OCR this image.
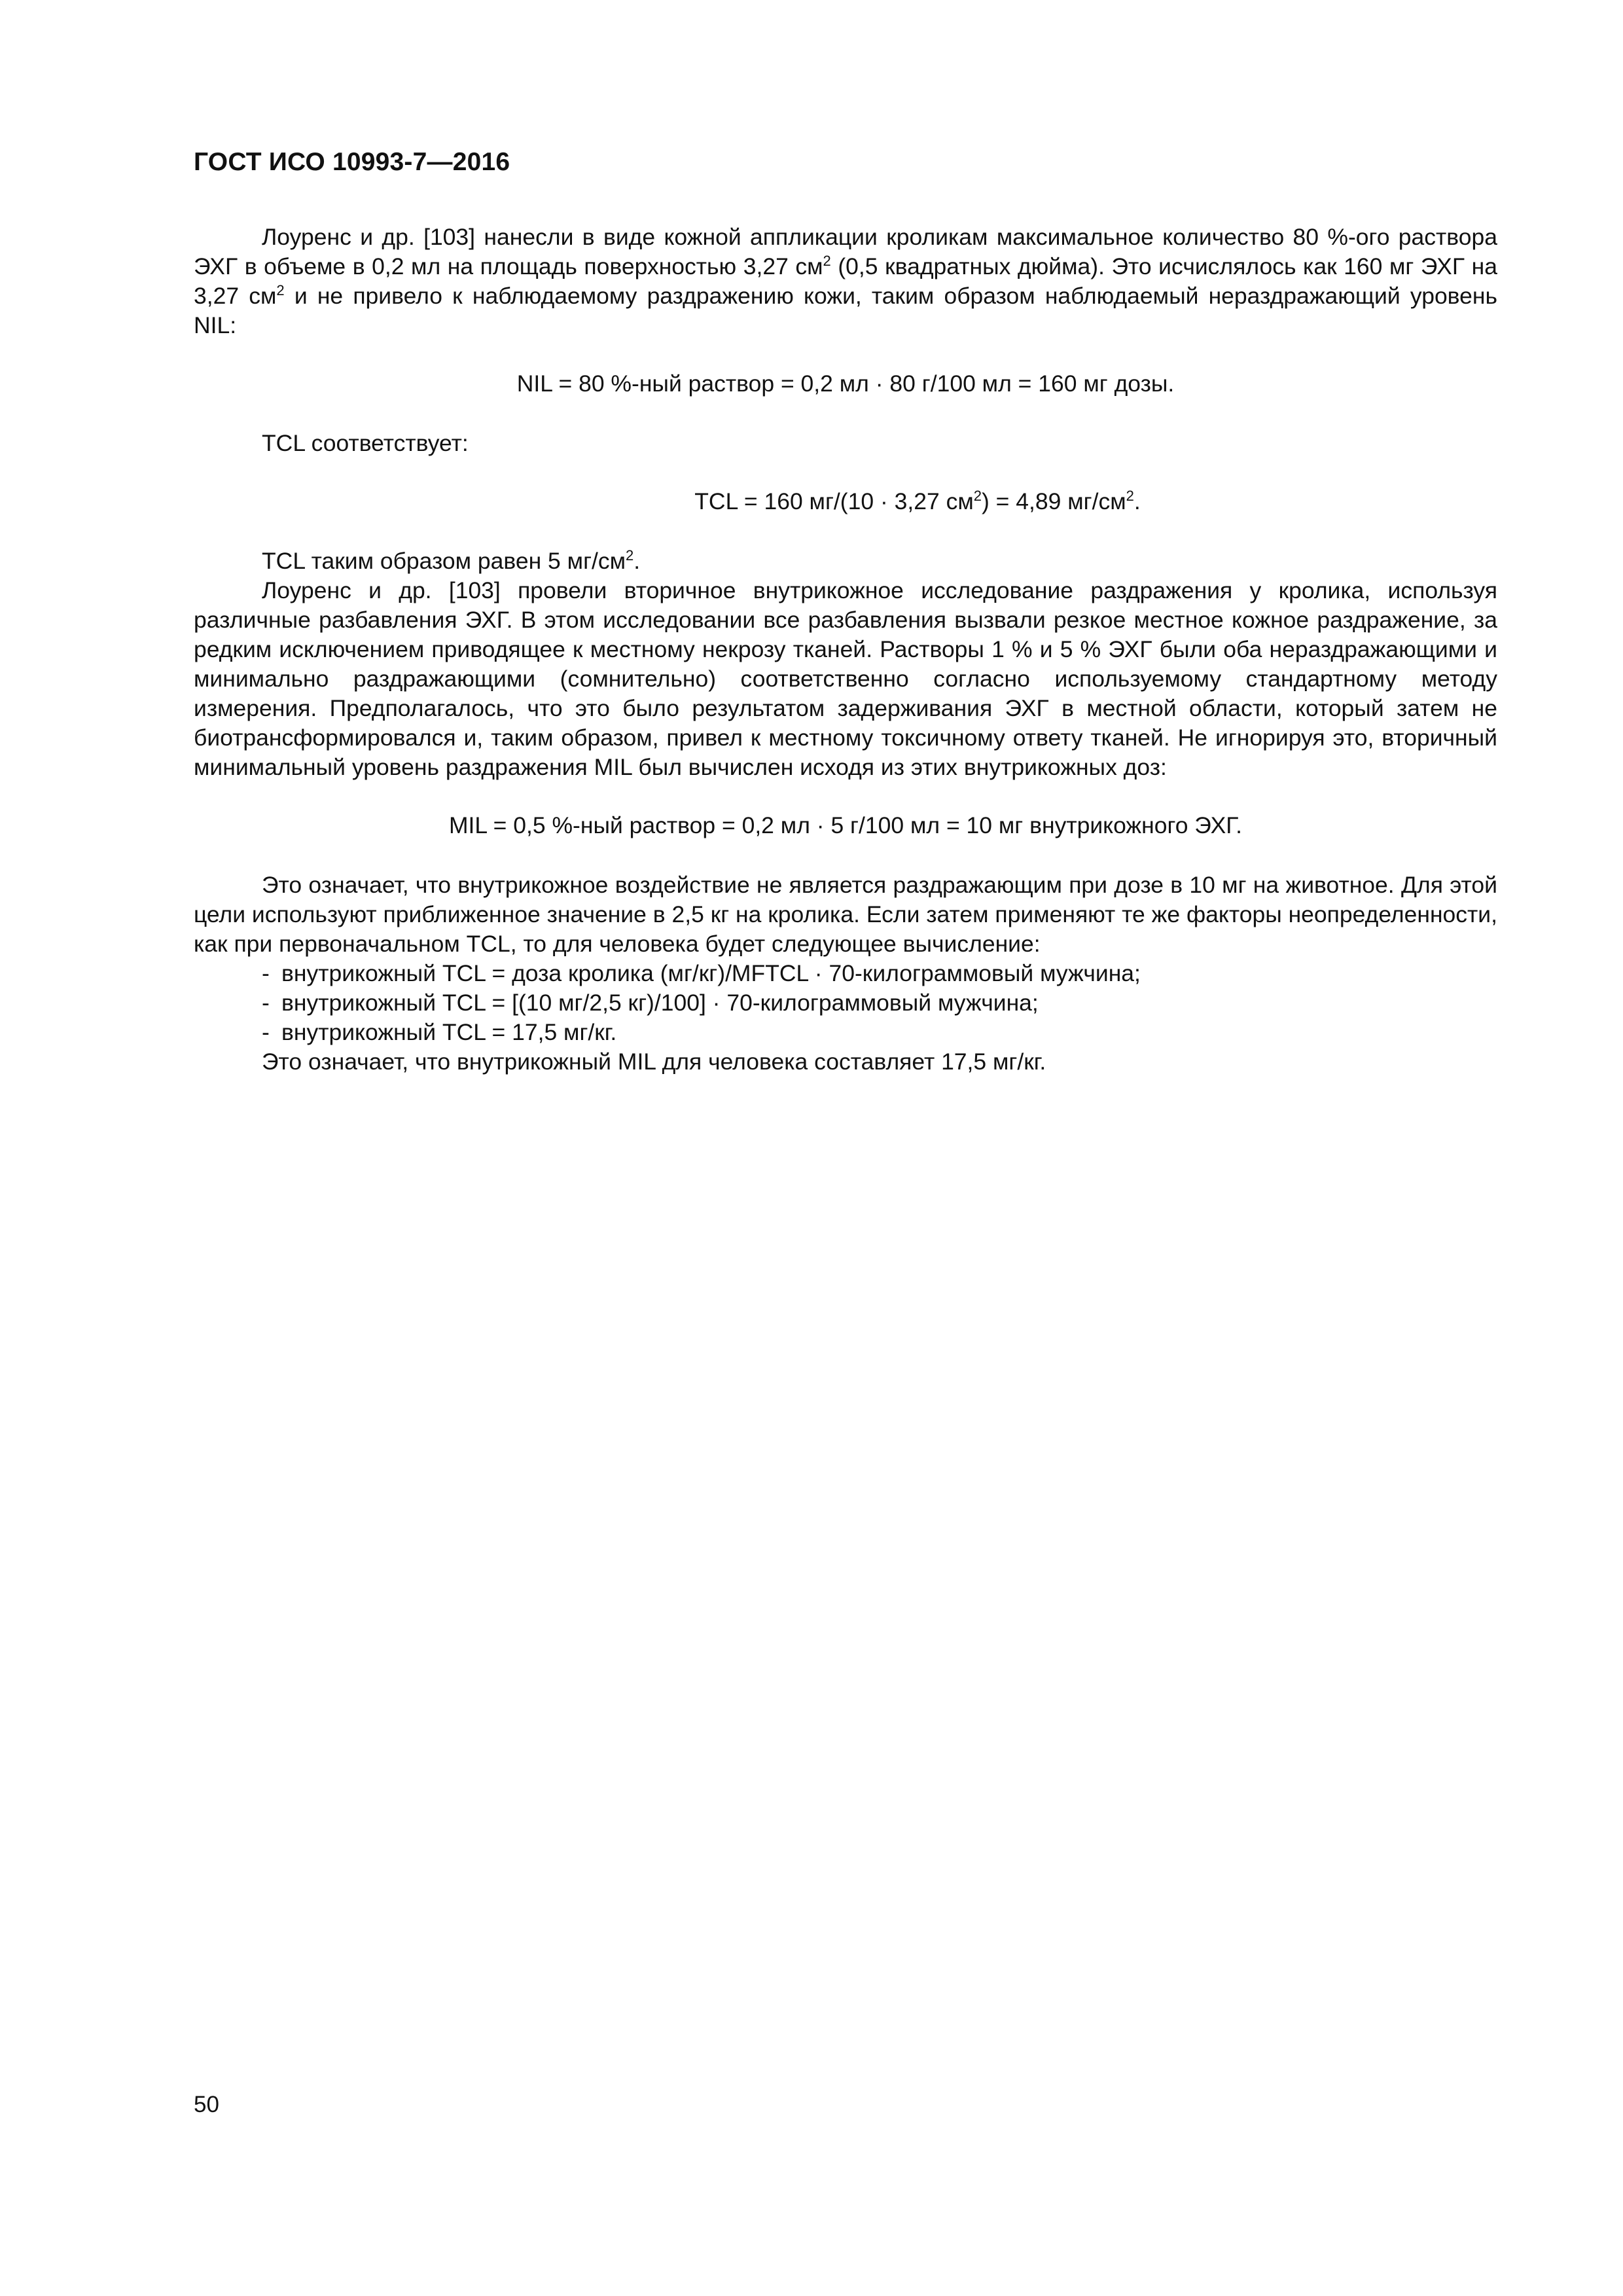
ГОСТ ИСО 10993-7—2016

Лоуренс и др. [103] нанесли в виде кожной аппликации кроликам максимальное количество 80 %-ого раствора ЭХГ в объеме в 0,2 мл на площадь поверхностью 3,27 $см^2$ (0,5 квадратных дюйма). Это исчислялось как 160 мг ЭХГ на 3,27 $см^2$ и не привело к наблюдаемому раздражению кожи, таким образом наблюдаемый нераздражающий уровень NIL:

NIL = 80 %-ный раствор = 0,2 мл · 80 г/100 мл = 160 мг дозы.

TCL соответствует:

TCL = 160 мг/(10 · 3,27 $см^2) = 4,89$ $мг/см^2$.

TCL таким образом равен 5 $мг/см^2$.

Лоуренс и др. [103] провели вторичное внутрикожное исследование раздражения у кролика, используя различные разбавления ЭХГ. В этом исследовании все разбавления вызвали резкое местное кожное раздражение, за редким исключением приводящее к местному некрозу тканей. Растворы 1 % и 5 % ЭХГ были оба нераздражающими и минимально раздражающими (сомнительно) соответственно согласно используемому стандартному методу измерения. Предполагалось, что это было результатом задерживания ЭХГ в местной области, который затем не биотрансформировался и, таким образом, привел к местному токсичному ответу тканей. Не игнорируя это, вторичный минимальный уровень раздражения MIL был вычислен исходя из этих внутрикожных доз:

MIL = 0,5 %-ный раствор = 0,2 мл · 5 г/100 мл = 10 мг внутрикожного ЭХГ.

Это означает, что внутрикожное воздействие не является раздражающим при дозе в 10 мг на животное. Для этой цели используют приближенное значение в 2,5 кг на кролика. Если затем применяют те же факторы неопределенности, как при первоначальном TCL, то для человека будет следующее вычисление:

- внутрикожный TCL = доза кролика (мг/кг)/MFTCL · 70-килограммовый мужчина;

- внутрикожный TCL = [(10 мг/2,5 кг)/100] · 70-килограммовый мужчина;

- внутрикожный TCL = 17,5 мг/кг.

Это означает, что внутрикожный MIL для человека составляет 17,5 мг/кг.

50
